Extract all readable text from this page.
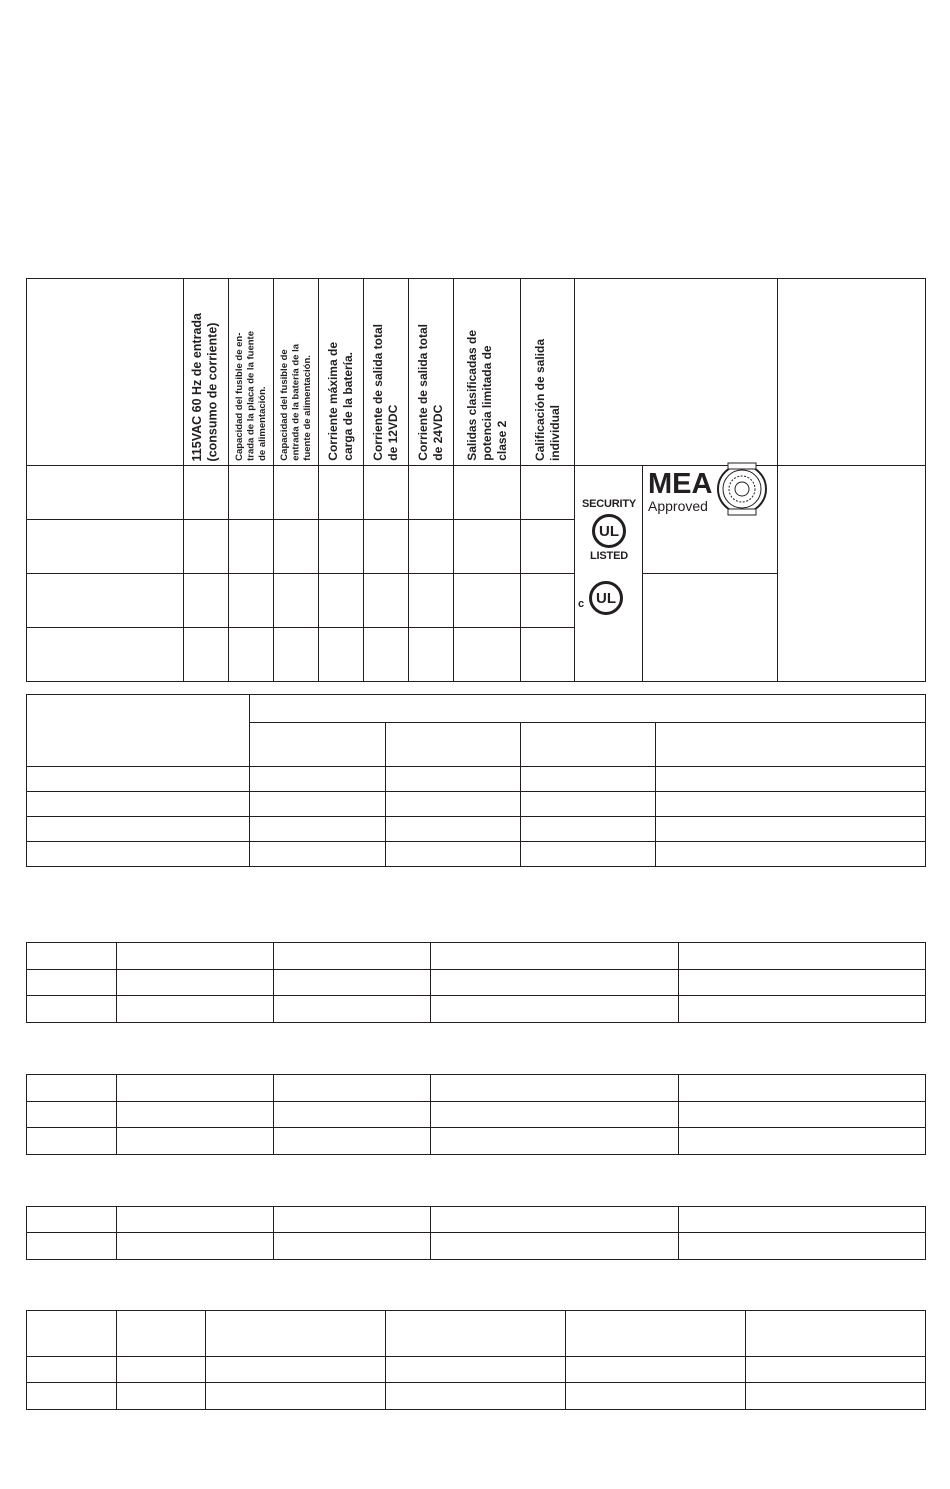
	115VAC 60 Hz de entrada
(consumo de corriente)	Capacidad del fusible de en-
trada de la placa de la fuente
de alimentación.	Capacidad del fusible de
entrada de la batería de la
fuente de alimentación.	Corriente máxima de
carga de la batería.	Corriente de salida total
de 12VDC	Corriente de salida total
de 24VDC	Salidas clasificadas de
potencia limitada de
clase 2	Calificación de salida
individual			

SECURITY
UL
LISTED
c UL
MEA
Approved
